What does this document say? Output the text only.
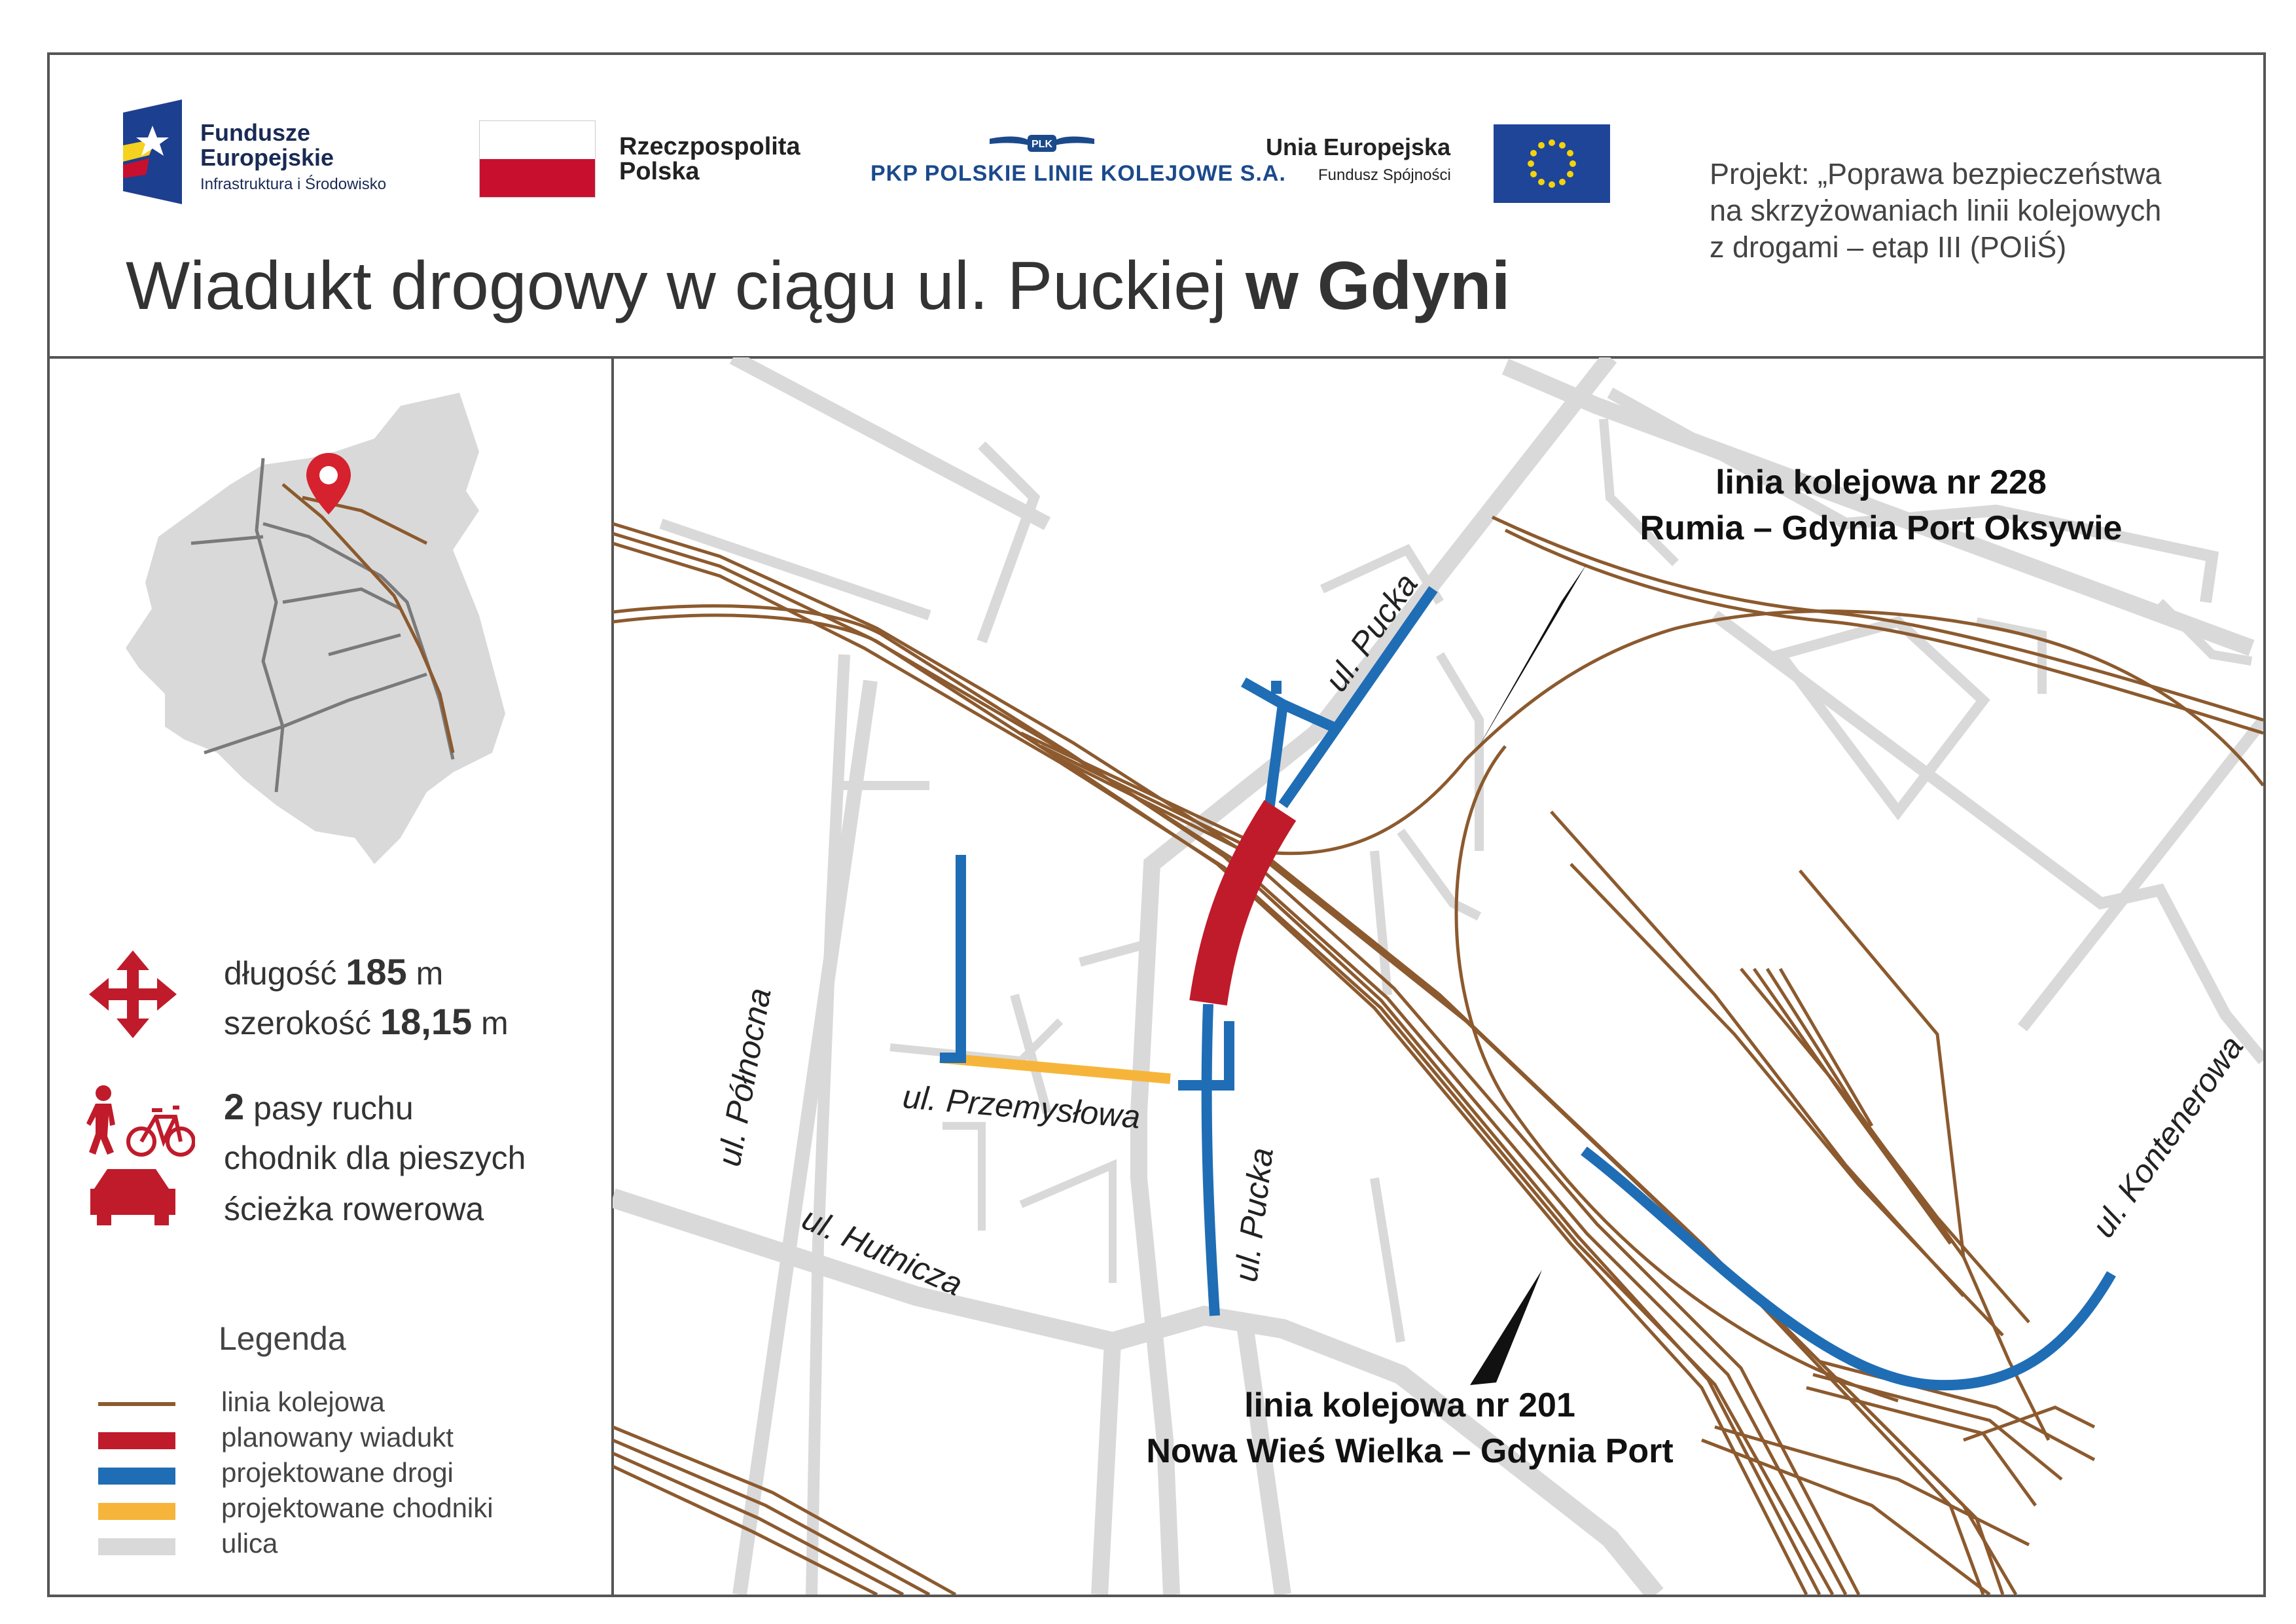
Fundusze
Europejskie
Infrastruktura i Środowisko
Rzeczpospolita
Polska
PLK
PKP POLSKIE LINIE KOLEJOWE S.A.
Unia Europejska
Fundusz Spójności	Projekt: „Poprawa bezpieczeństwa
na skrzyżowaniach linii kolejowych
z drogami – etap III (POIiŚ)
Wiadukt drogowy w ciągu ul. Puckiej w Gdyni
długość 185 m
szerokość 18,15 m
2 pasy ruchu
chodnik dla pieszych
ścieżka rowerowa
Legenda
linia kolejowa
planowany wiadukt
projektowane drogi
projektowane chodniki
ulica
ul. Pucka
ul. Pucka
ul. Północna	ul. Przemysłowa
ul. Hutnicza
ul. Kontenerowa
linia kolejowa nr 228
Rumia – Gdynia Port Oksywie
linia kolejowa nr 201
Nowa Wieś Wielka – Gdynia Port
